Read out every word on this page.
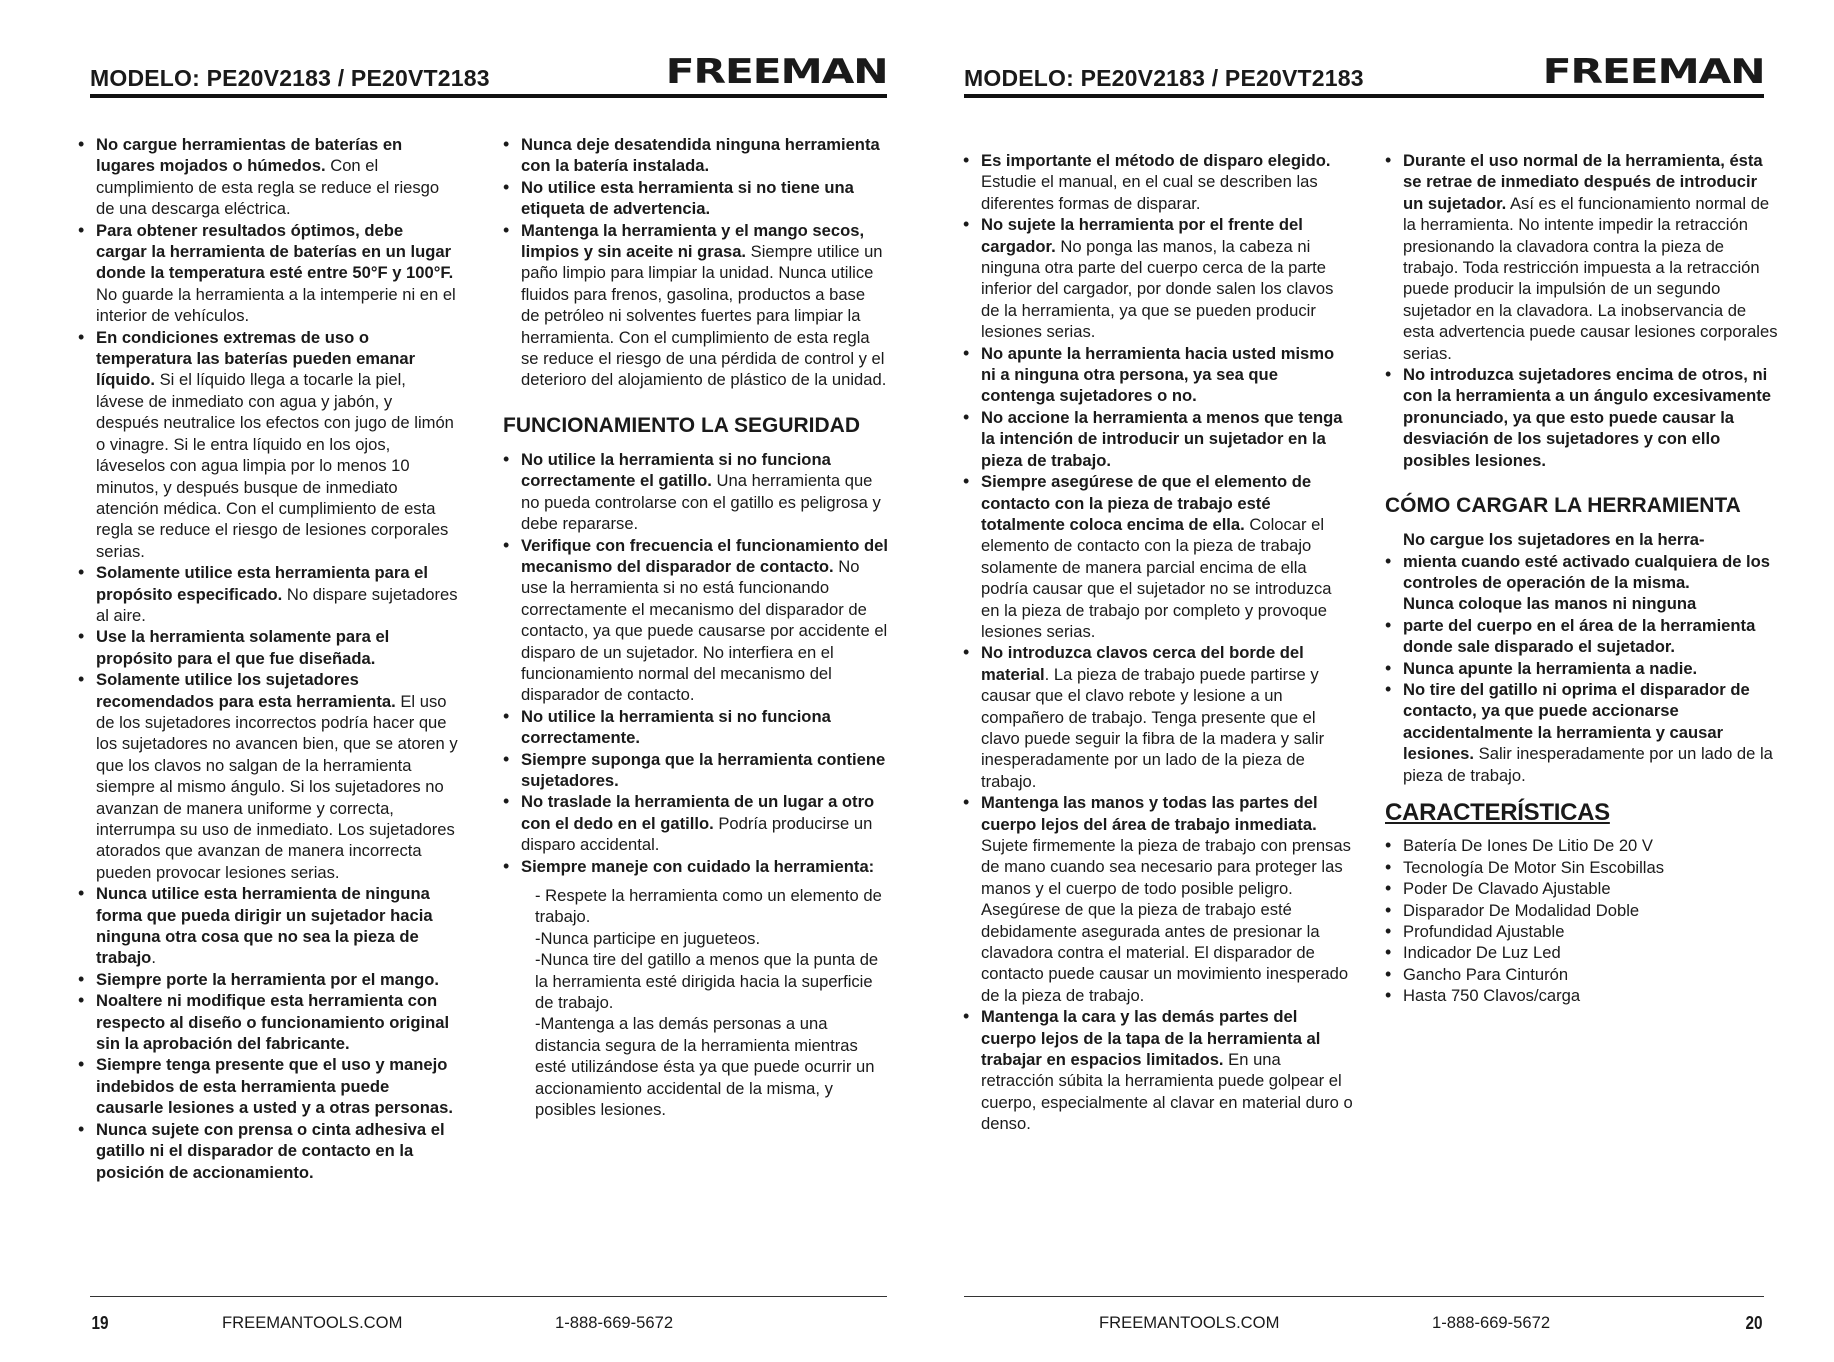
MODELO: PE20V2183 / PE20VT2183	FREEMAN
• No cargue herramientas de baterías en lugares mojados o húmedos. Con el cumplimiento de esta regla se reduce el riesgo de una descarga eléctrica.
• Para obtener resultados óptimos, debe cargar la herramienta de baterías en un lugar donde la temperatura esté entre 50°F y 100°F. No guarde la herramienta a la intemperie ni en el interior de vehículos.
• En condiciones extremas de uso o temperatura las baterías pueden emanar líquido. Si el líquido llega a tocarle la piel, lávese de inmediato con agua y jabón, y después neutralice los efectos con jugo de limón o vinagre. Si le entra líquido en los ojos, láveselos con agua limpia por lo menos 10 minutos, y después busque de inmediato atención médica. Con el cumplimiento de esta regla se reduce el riesgo de lesiones corporales serias.
• Solamente utilice esta herramienta para el propósito especificado. No dispare sujetadores al aire.
• Use la herramienta solamente para el propósito para el que fue diseñada.
• Solamente utilice los sujetadores recomendados para esta herramienta. El uso de los sujetadores incorrectos podría hacer que los sujetadores no avancen bien, que se atoren y que los clavos no salgan de la herramienta siempre al mismo ángulo. Si los sujetadores no avanzan de manera uniforme y correcta, interrumpa su uso de inmediato. Los sujetadores atorados que avanzan de manera incorrecta pueden provocar lesiones serias.
• Nunca utilice esta herramienta de ninguna forma que pueda dirigir un sujetador hacia ninguna otra cosa que no sea la pieza de trabajo.
• Siempre porte la herramienta por el mango.
• Noaltere ni modifique esta herramienta con respecto al diseño o funcionamiento original sin la aprobación del fabricante.
• Siempre tenga presente que el uso y manejo indebidos de esta herramienta puede causarle lesiones a usted y a otras personas.
• Nunca sujete con prensa o cinta adhesiva el gatillo ni el disparador de contacto en la posición de accionamiento.
• Nunca deje desatendida ninguna herramienta con la batería instalada.
• No utilice esta herramienta si no tiene una etiqueta de advertencia.
• Mantenga la herramienta y el mango secos, limpios y sin aceite ni grasa. Siempre utilice un paño limpio para limpiar la unidad. Nunca utilice fluidos para frenos, gasolina, productos a base de petróleo ni solventes fuertes para limpiar la herramienta. Con el cumplimiento de esta regla se reduce el riesgo de una pérdida de control y el deterioro del alojamiento de plástico de la unidad.
FUNCIONAMIENTO LA SEGURIDAD
• No utilice la herramienta si no funciona correctamente el gatillo. Una herramienta que no pueda controlarse con el gatillo es peligrosa y debe repararse.
• Verifique con frecuencia el funcionamiento del mecanismo del disparador de contacto. No use la herramienta si no está funcionando correctamente el mecanismo del disparador de contacto, ya que puede causarse por accidente el disparo de un sujetador. No interfiera en el funcionamiento normal del mecanismo del disparador de contacto.
• No utilice la herramienta si no funciona correctamente.
• Siempre suponga que la herramienta contiene sujetadores.
• No traslade la herramienta de un lugar a otro con el dedo en el gatillo. Podría producirse un disparo accidental.
• Siempre maneje con cuidado la herramienta:
- Respete la herramienta como un elemento de trabajo.
-Nunca participe en jugueteos.
-Nunca tire del gatillo a menos que la punta de la herramienta esté dirigida hacia la superficie de trabajo.
-Mantenga a las demás personas a una distancia segura de la herramienta mientras esté utilizándose ésta ya que puede ocurrir un accionamiento accidental de la misma, y posibles lesiones.
19	FREEMANTOOLS.COM	1-888-669-5672
MODELO: PE20V2183 / PE20VT2183	FREEMAN
• Es importante el método de disparo elegido. Estudie el manual, en el cual se describen las diferentes formas de disparar.
• No sujete la herramienta por el frente del cargador. No ponga las manos, la cabeza ni ninguna otra parte del cuerpo cerca de la parte inferior del cargador, por donde salen los clavos de la herramienta, ya que se pueden producir lesiones serias.
• No apunte la herramienta hacia usted mismo ni a ninguna otra persona, ya sea que contenga sujetadores o no.
• No accione la herramienta a menos que tenga la intención de introducir un sujetador en la pieza de trabajo.
• Siempre asegúrese de que el elemento de contacto con la pieza de trabajo esté totalmente coloca encima de ella. Colocar el elemento de contacto con la pieza de trabajo solamente de manera parcial encima de ella podría causar que el sujetador no se introduzca en la pieza de trabajo por completo y provoque lesiones serias.
• No introduzca clavos cerca del borde del material. La pieza de trabajo puede partirse y causar que el clavo rebote y lesione a un compañero de trabajo. Tenga presente que el clavo puede seguir la fibra de la madera y salir inesperadamente por un lado de la pieza de trabajo.
• Mantenga las manos y todas las partes del cuerpo lejos del área de trabajo inmediata. Sujete firmemente la pieza de trabajo con prensas de mano cuando sea necesario para proteger las manos y el cuerpo de todo posible peligro. Asegúrese de que la pieza de trabajo esté debidamente asegurada antes de presionar la clavadora contra el material. El disparador de contacto puede causar un movimiento inesperado de la pieza de trabajo.
• Mantenga la cara y las demás partes del cuerpo lejos de la tapa de la herramienta al trabajar en espacios limitados. En una retracción súbita la herramienta puede golpear el cuerpo, especialmente al clavar en material duro o denso.
• Durante el uso normal de la herramienta, ésta se retrae de inmediato después de introducir un sujetador. Así es el funcionamiento normal de la herramienta. No intente impedir la retracción presionando la clavadora contra la pieza de trabajo. Toda restricción impuesta a la retracción puede producir la impulsión de un segundo sujetador en la clavadora. La inobservancia de esta advertencia puede causar lesiones corporales serias.
• No introduzca sujetadores encima de otros, ni con la herramienta a un ángulo excesivamente pronunciado, ya que esto puede causar la desviación de los sujetadores y con ello posibles lesiones.
CÓMO CARGAR LA HERRAMIENTA
No cargue los sujetadores en la herra-
• mienta cuando esté activado cualquiera de los controles de operación de la misma.
Nunca coloque las manos ni ninguna
• parte del cuerpo en el área de la herramienta donde sale disparado el sujetador.
• Nunca apunte la herramienta a nadie.
• No tire del gatillo ni oprima el disparador de contacto, ya que puede accionarse accidentalmente la herramienta y causar lesiones. Salir inesperadamente por un lado de la pieza de trabajo.
CARACTERÍSTICAS
• Batería De Iones De Litio De 20 V
• Tecnología De Motor Sin Escobillas
• Poder De Clavado Ajustable
• Disparador De Modalidad Doble
• Profundidad Ajustable
• Indicador De Luz Led
• Gancho Para Cinturón
• Hasta 750 Clavos/carga
FREEMANTOOLS.COM	1-888-669-5672	20
